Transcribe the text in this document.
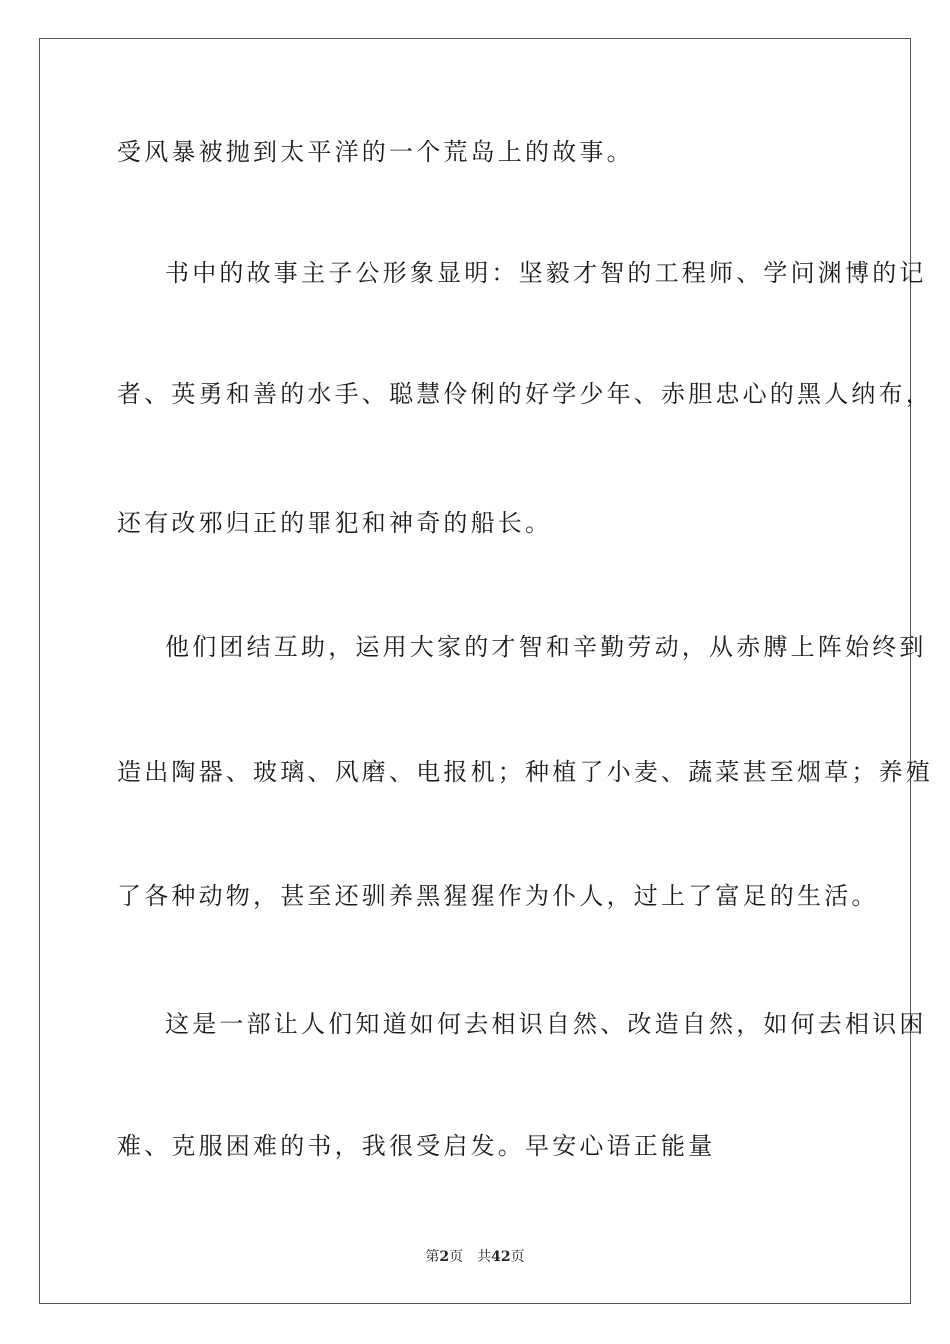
受风暴被抛到太平洋的一个荒岛上的故事。
书中的故事主子公形象显明：坚毅才智的工程师、学问渊博的记
者、英勇和善的水手、聪慧伶俐的好学少年、赤胆忠心的黑人纳布，
还有改邪归正的罪犯和神奇的船长。
他们团结互助，运用大家的才智和辛勤劳动，从赤膊上阵始终到
造出陶器、玻璃、风磨、电报机；种植了小麦、蔬菜甚至烟草；养殖
了各种动物，甚至还驯养黑猩猩作为仆人，过上了富足的生活。
这是一部让人们知道如何去相识自然、改造自然，如何去相识困
难、克服困难的书，我很受启发。早安心语正能量
第2页 共42页
